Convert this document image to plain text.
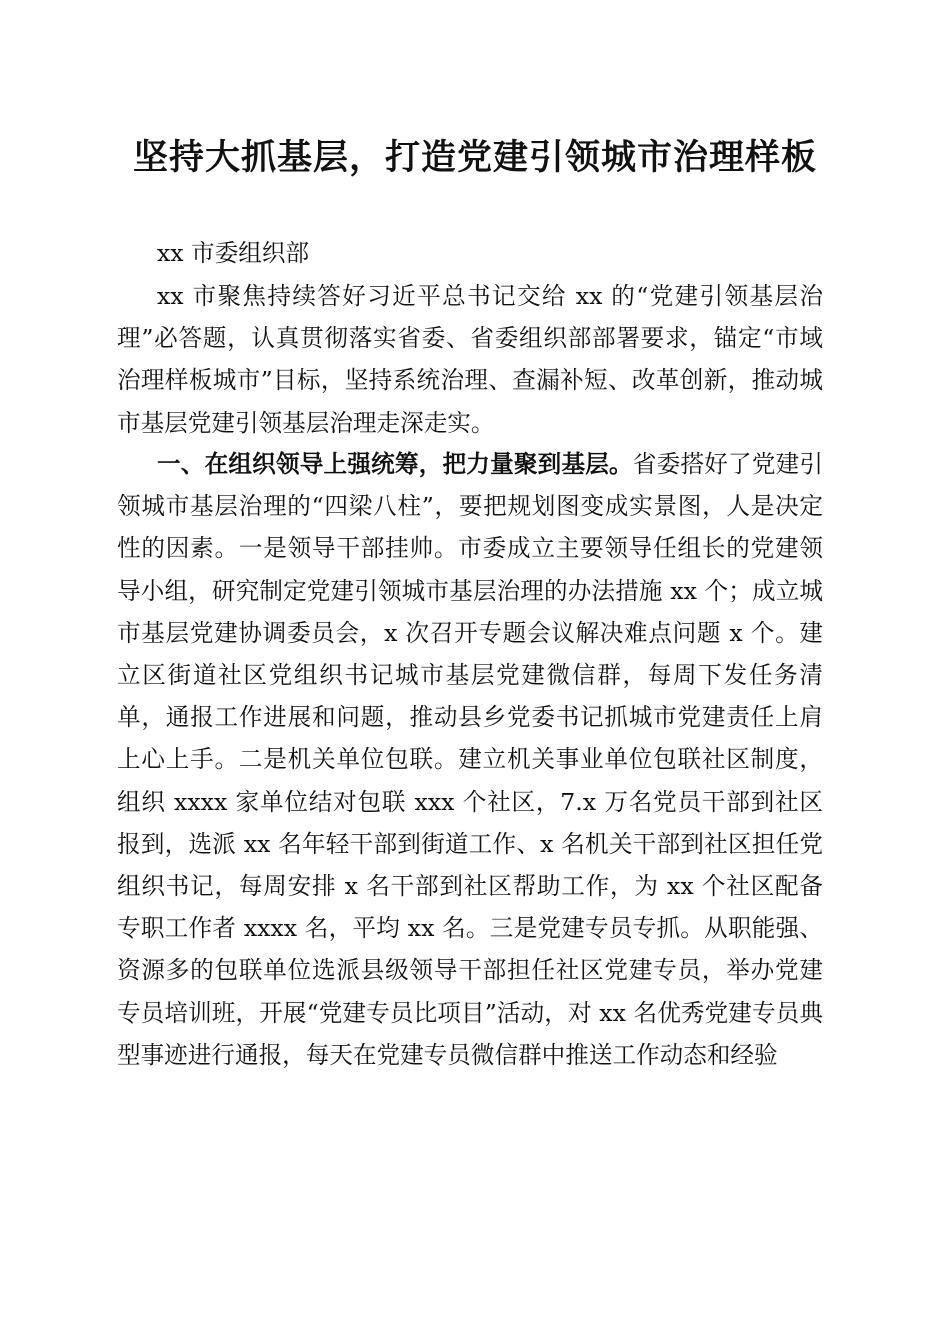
坚持大抓基层，打造党建引领城市治理样板

xx 市委组织部

xx 市聚焦持续答好习近平总书记交给 xx 的“党建引领基层治理”必答题，认真贯彻落实省委、省委组织部部署要求，锚定“市域治理样板城市”目标，坚持系统治理、查漏补短、改革创新，推动城市基层党建引领基层治理走深走实。

一、在组织领导上强统筹，把力量聚到基层。省委搭好了党建引领城市基层治理的“四梁八柱”，要把规划图变成实景图，人是决定性的因素。一是领导干部挂帅。市委成立主要领导任组长的党建领导小组，研究制定党建引领城市基层治理的办法措施 xx 个；成立城市基层党建协调委员会，x 次召开专题会议解决难点问题 x 个。建立区街道社区党组织书记城市基层党建微信群，每周下发任务清单，通报工作进展和问题，推动县乡党委书记抓城市党建责任上肩上心上手。二是机关单位包联。建立机关事业单位包联社区制度，组织 xxxx 家单位结对包联 xxx 个社区，7.x 万名党员干部到社区报到，选派 xx 名年轻干部到街道工作、x 名机关干部到社区担任党组织书记，每周安排 x 名干部到社区帮助工作，为 xx 个社区配备专职工作者 xxxx 名，平均 xx 名。三是党建专员专抓。从职能强、资源多的包联单位选派县级领导干部担任社区党建专员，举办党建专员培训班，开展“党建专员比项目”活动，对 xx 名优秀党建专员典型事迹进行通报，每天在党建专员微信群中推送工作动态和经验
